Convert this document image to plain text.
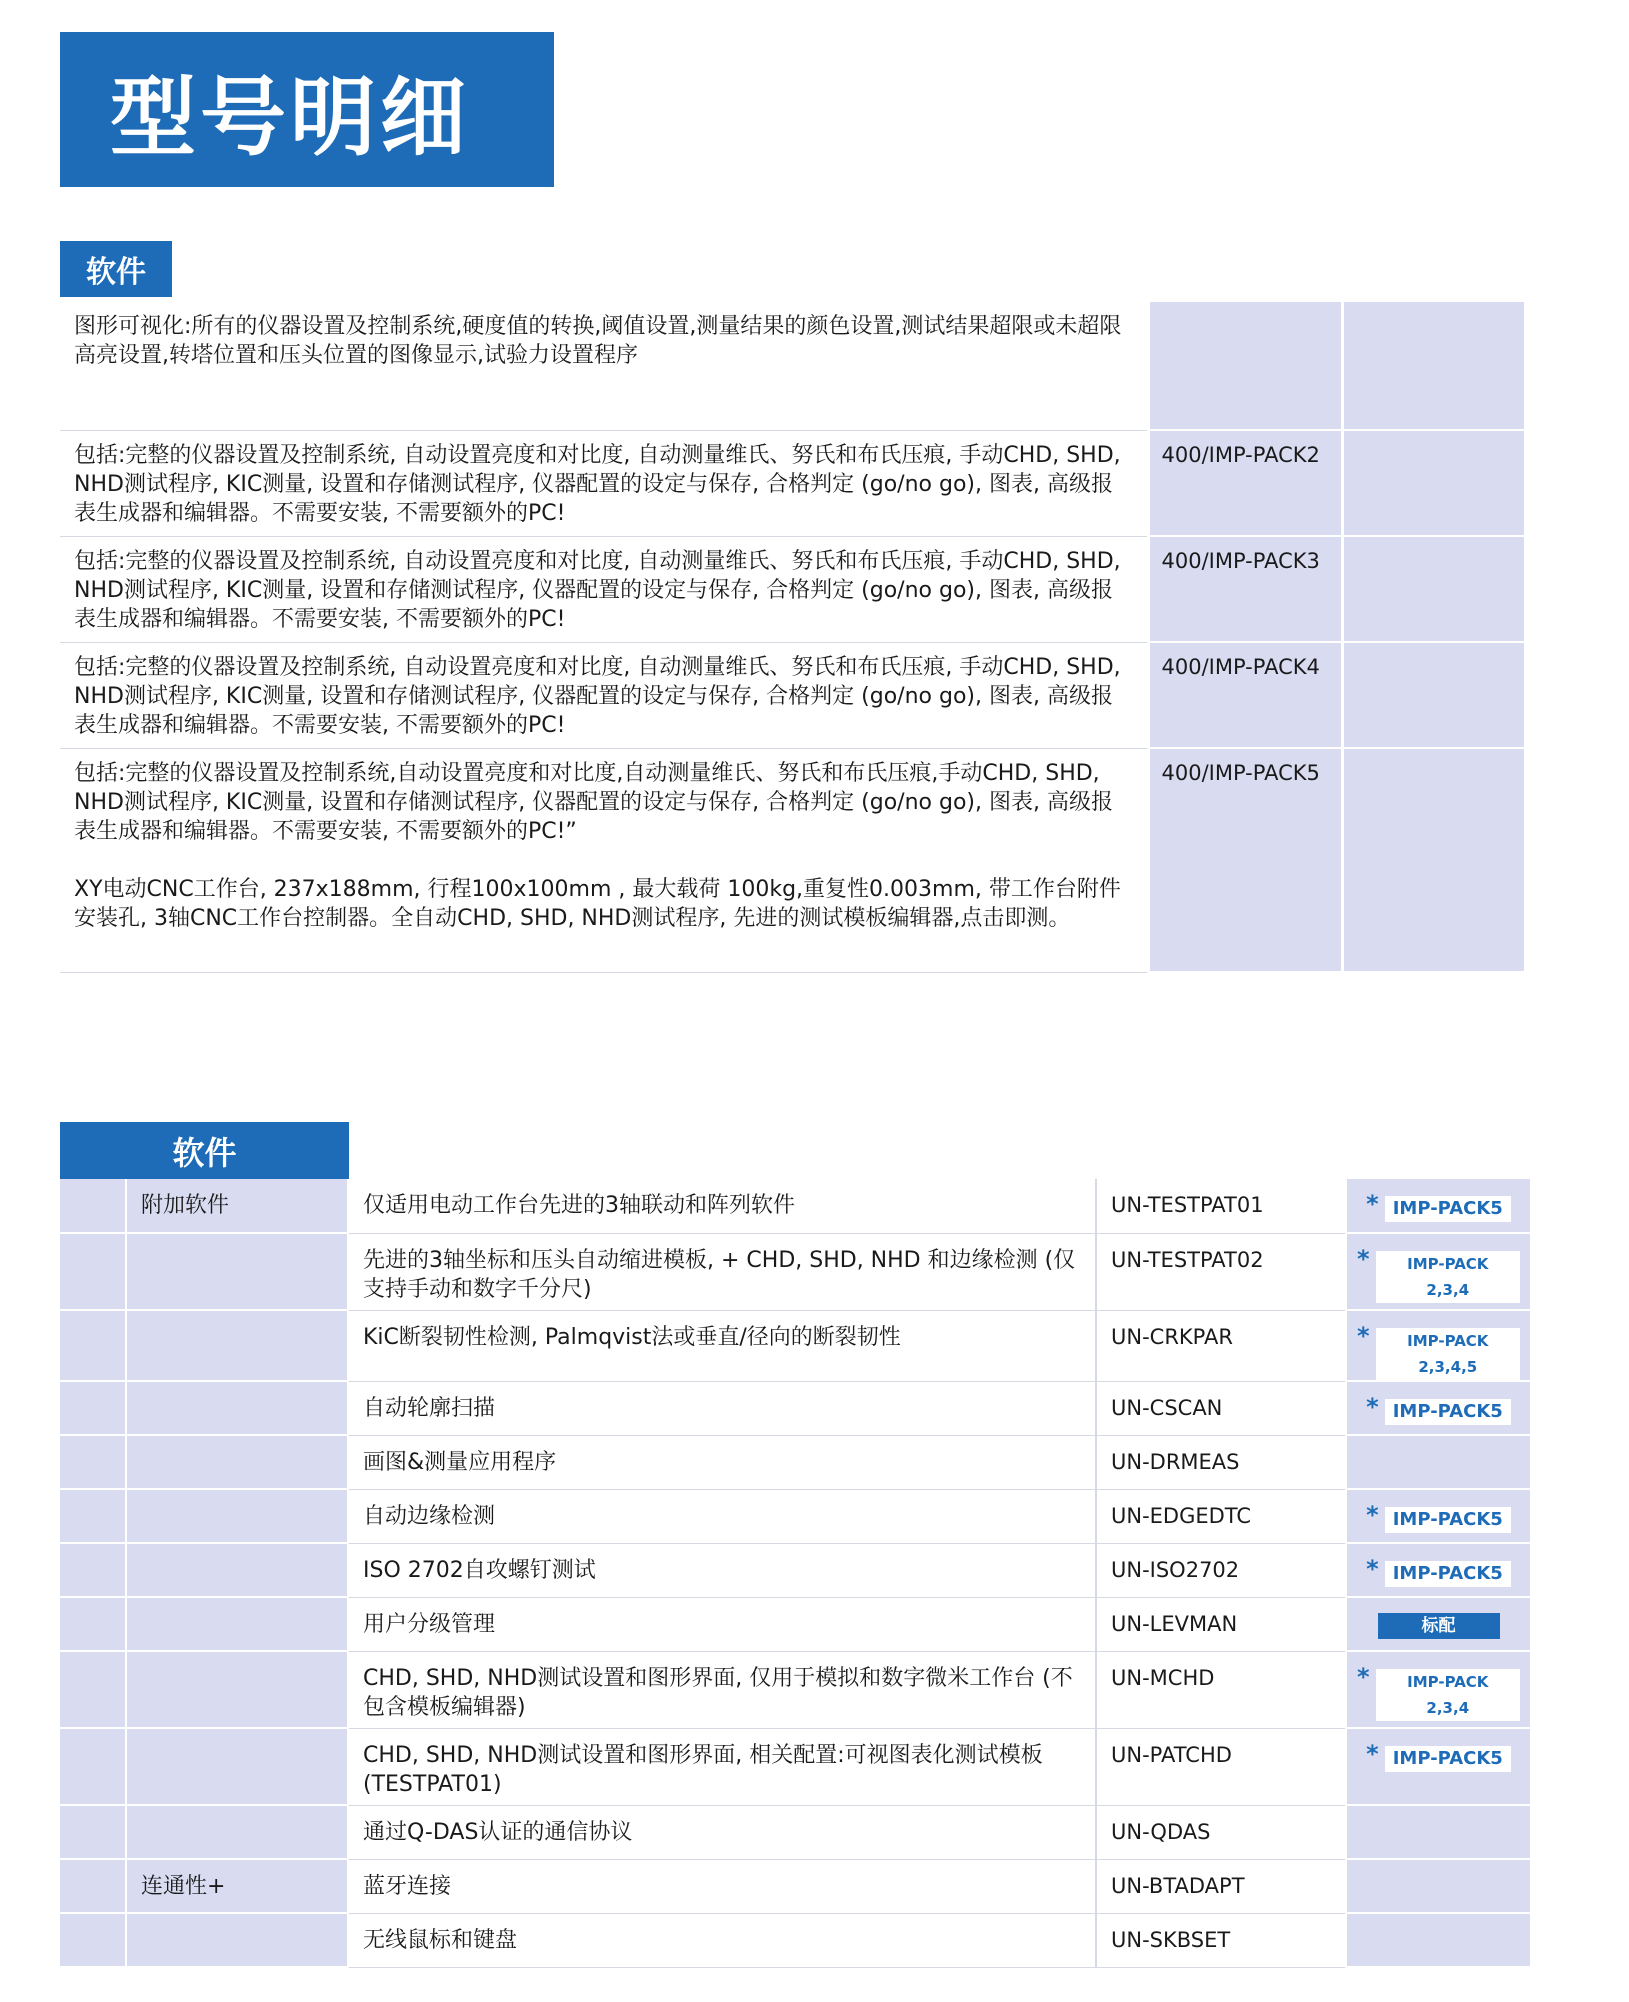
型号明细
软件
图形可视化:所有的仪器设置及控制系统,硬度值的转换,阈值设置,测量结果的颜色设置,测试结果超限或未超限高亮设置,转塔位置和压头位置的图像显示,试验力设置程序		

包括:完整的仪器设置及控制系统, 自动设置亮度和对比度, 自动测量维氏、努氏和布氏压痕, 手动CHD, SHD, NHD测试程序, KIC测量, 设置和存储测试程序, 仪器配置的设定与保存, 合格判定 (go/no go), 图表, 高级报表生成器和编辑器。不需要安装, 不需要额外的PC!	400/IMP-PACK2	

包括:完整的仪器设置及控制系统, 自动设置亮度和对比度, 自动测量维氏、努氏和布氏压痕, 手动CHD, SHD, NHD测试程序, KIC测量, 设置和存储测试程序, 仪器配置的设定与保存, 合格判定 (go/no go), 图表, 高级报表生成器和编辑器。不需要安装, 不需要额外的PC!	400/IMP-PACK3	

包括:完整的仪器设置及控制系统, 自动设置亮度和对比度, 自动测量维氏、努氏和布氏压痕, 手动CHD, SHD, NHD测试程序, KIC测量, 设置和存储测试程序, 仪器配置的设定与保存, 合格判定 (go/no go), 图表, 高级报表生成器和编辑器。不需要安装, 不需要额外的PC!	400/IMP-PACK4	

包括:完整的仪器设置及控制系统,自动设置亮度和对比度,自动测量维氏、努氏和布氏压痕,手动CHD, SHD, NHD测试程序, KIC测量, 设置和存储测试程序, 仪器配置的设定与保存, 合格判定 (go/no go), 图表, 高级报表生成器和编辑器。不需要安装, 不需要额外的PC!”
XY电动CNC工作台, 237x188mm, 行程100x100mm , 最大载荷 100kg,重复性0.003mm, 带工作台附件安装孔, 3轴CNC工作台控制器。全自动CHD, SHD, NHD测试程序, 先进的测试模板编辑器,点击即测。	400/IMP-PACK5	
软件
	附加软件	仅适用电动工作台先进的3轴联动和阵列软件	UN-TESTPAT01	* IMP-PACK5

		先进的3轴坐标和压头自动缩进模板, + CHD, SHD, NHD 和边缘检测 (仅支持手动和数字千分尺)	UN-TESTPAT02	* IMP-PACK 2,3,4

		KiC断裂韧性检测, Palmqvist法或垂直/径向的断裂韧性	UN-CRKPAR	* IMP-PACK 2,3,4,5

		自动轮廓扫描	UN-CSCAN	* IMP-PACK5

		画图&测量应用程序	UN-DRMEAS	
		自动边缘检测	UN-EDGEDTC	* IMP-PACK5

		ISO 2702自攻螺钉测试	UN-ISO2702	* IMP-PACK5

		用户分级管理	UN-LEVMAN	标配
		CHD, SHD, NHD测试设置和图形界面, 仅用于模拟和数字微米工作台 (不包含模板编辑器)	UN-MCHD	* IMP-PACK 2,3,4

		CHD, SHD, NHD测试设置和图形界面, 相关配置:可视图表化测试模板 (TESTPAT01)	UN-PATCHD	* IMP-PACK5

		通过Q-DAS认证的通信协议	UN-QDAS	
	连通性+	蓝牙连接	UN-BTADAPT	
		无线鼠标和键盘	UN-SKBSET	
